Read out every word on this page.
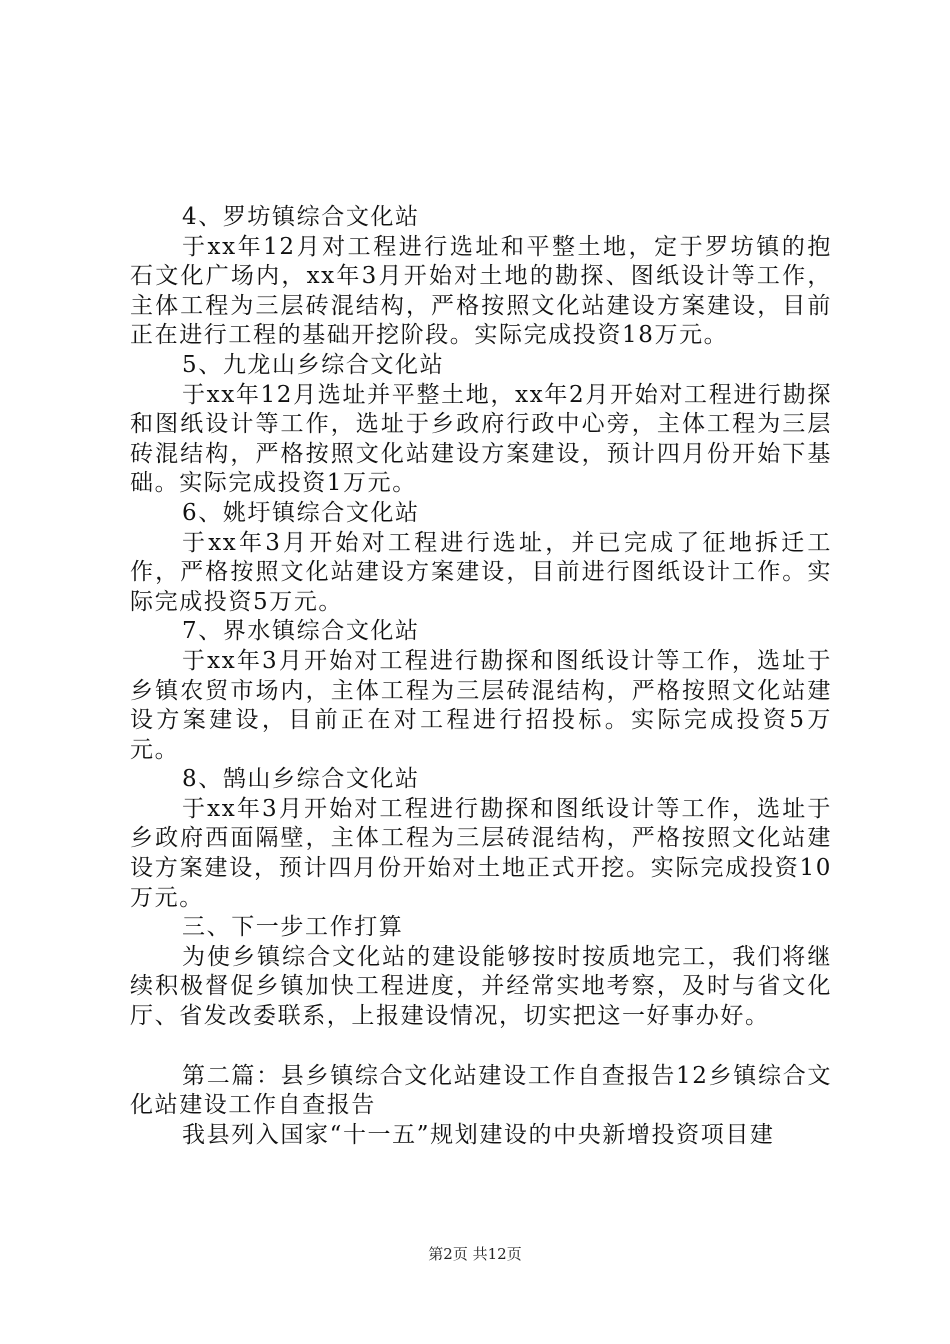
4、罗坊镇综合文化站

于xx年12月对工程进行选址和平整土地，定于罗坊镇的抱石文化广场内，xx年3月开始对土地的勘探、图纸设计等工作，主体工程为三层砖混结构，严格按照文化站建设方案建设，目前正在进行工程的基础开挖阶段。实际完成投资18万元。

5、九龙山乡综合文化站

于xx年12月选址并平整土地，xx年2月开始对工程进行勘探和图纸设计等工作，选址于乡政府行政中心旁，主体工程为三层砖混结构，严格按照文化站建设方案建设，预计四月份开始下基础。实际完成投资1万元。

6、姚圩镇综合文化站

于xx年3月开始对工程进行选址，并已完成了征地拆迁工作，严格按照文化站建设方案建设，目前进行图纸设计工作。实际完成投资5万元。

7、界水镇综合文化站

于xx年3月开始对工程进行勘探和图纸设计等工作，选址于乡镇农贸市场内，主体工程为三层砖混结构，严格按照文化站建设方案建设，目前正在对工程进行招投标。实际完成投资5万元。

8、鹄山乡综合文化站

于xx年3月开始对工程进行勘探和图纸设计等工作，选址于乡政府西面隔壁，主体工程为三层砖混结构，严格按照文化站建设方案建设，预计四月份开始对土地正式开挖。实际完成投资10万元。

三、下一步工作打算

为使乡镇综合文化站的建设能够按时按质地完工，我们将继续积极督促乡镇加快工程进度，并经常实地考察，及时与省文化厅、省发改委联系，上报建设情况，切实把这一好事办好。

第二篇：县乡镇综合文化站建设工作自查报告12乡镇综合文化站建设工作自查报告

我县列入国家“十一五”规划建设的中央新增投资项目建

第2页 共12页
